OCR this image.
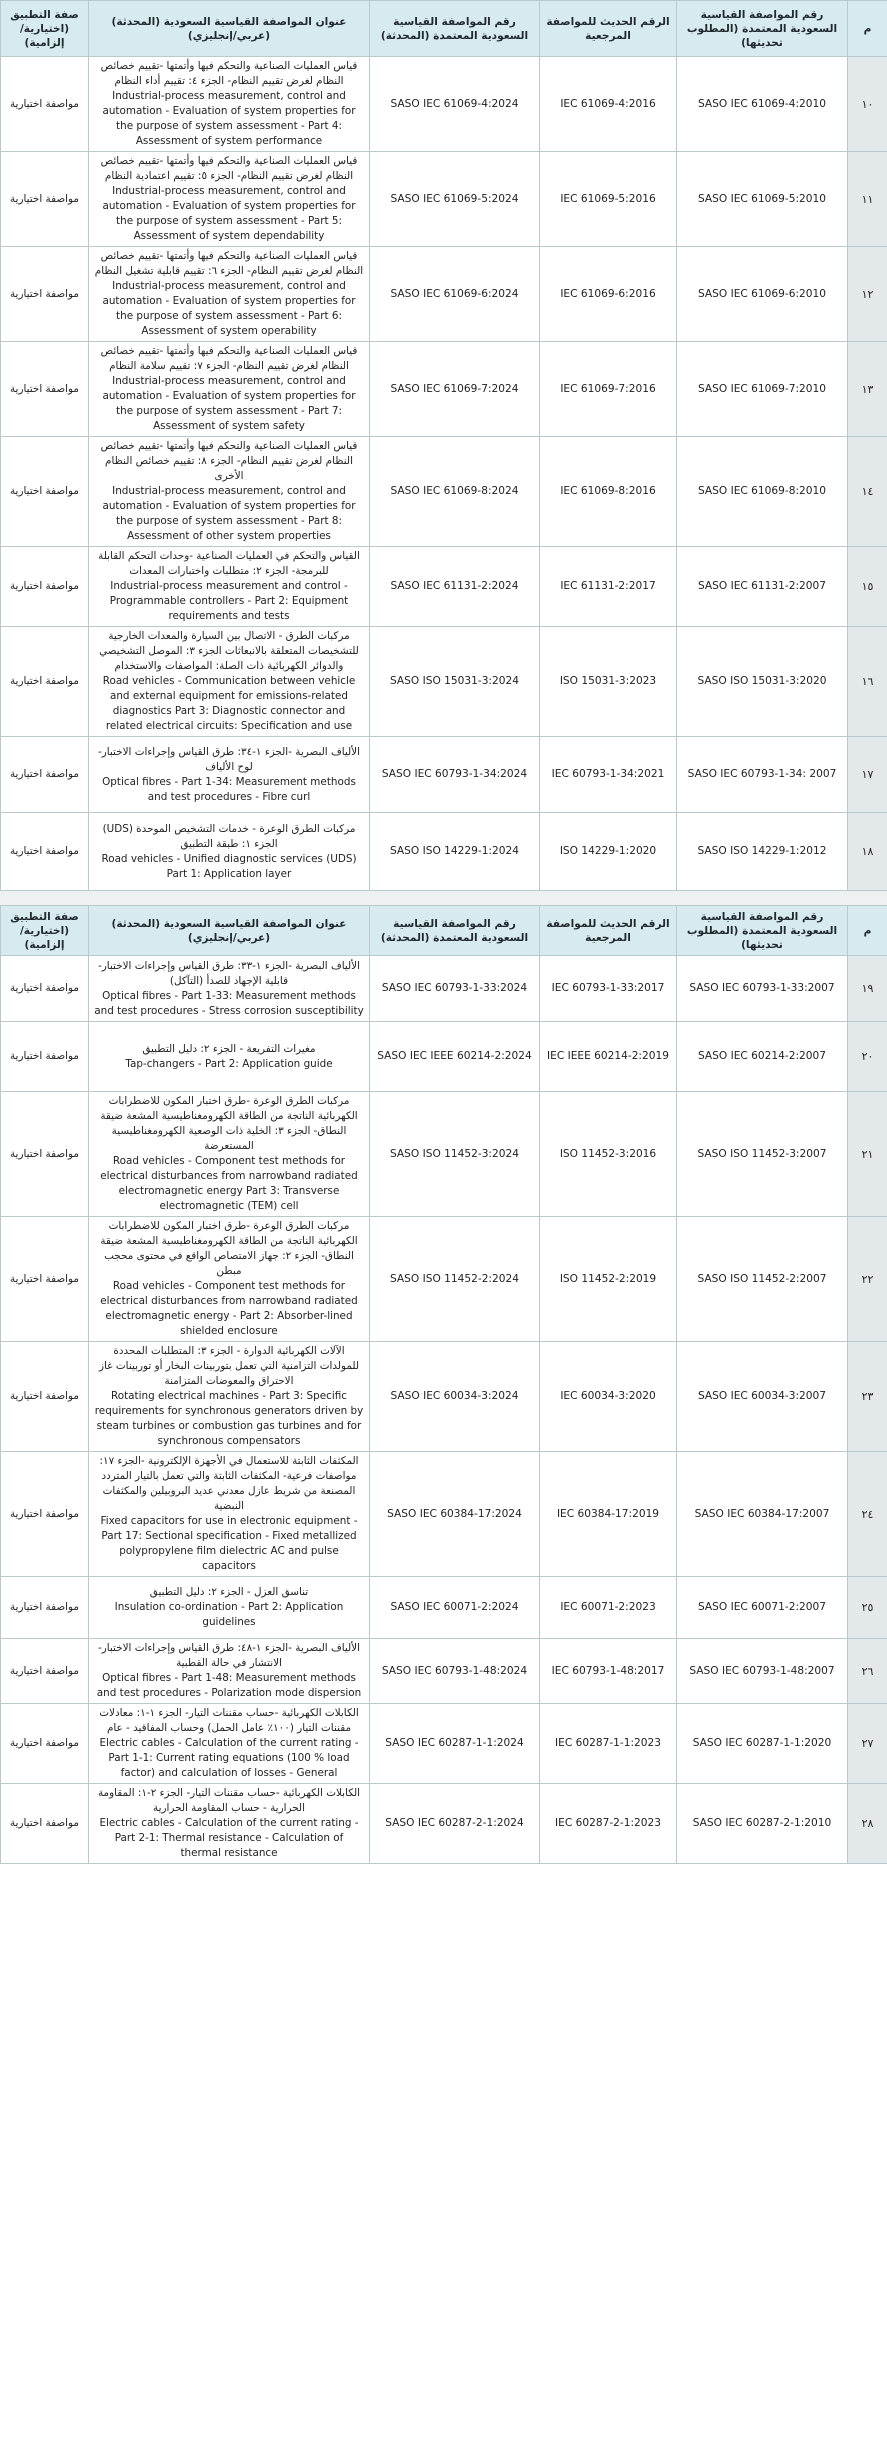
صفة التطبيق (اختيارية/إلزامية)	عنوان المواصفة القياسية السعودية (المحدثة) (عربي/إنجليزي)	رقم المواصفة القياسية السعودية المعتمدة (المحدثة)	الرقم الحديث للمواصفة المرجعية	رقم المواصفة القياسية السعودية المعتمدة (المطلوب تحديثها)	م
مواصفة اختيارية	قياس العمليات الصناعية والتحكم فيها وأتمتها -تقييم خصائص النظام لغرض تقييم النظام- الجزء ٤: تقييم أداء النظام
Industrial-process measurement, control and automation - Evaluation of system properties for the purpose of system assessment - Part 4: Assessment of system performance	SASO IEC 61069-4:2024	IEC 61069-4:2016	SASO IEC 61069-4:2010	١٠
مواصفة اختيارية	قياس العمليات الصناعية والتحكم فيها وأتمتها -تقييم خصائص النظام لغرض تقييم النظام- الجزء ٥: تقييم اعتمادية النظام
Industrial-process measurement, control and automation - Evaluation of system properties for the purpose of system assessment - Part 5: Assessment of system dependability	SASO IEC 61069-5:2024	IEC 61069-5:2016	SASO IEC 61069-5:2010	١١
مواصفة اختيارية	قياس العمليات الصناعية والتحكم فيها وأتمتها -تقييم خصائص النظام لغرض تقييم النظام- الجزء ٦: تقييم قابلية تشغيل النظام
Industrial-process measurement, control and automation - Evaluation of system properties for the purpose of system assessment - Part 6: Assessment of system operability	SASO IEC 61069-6:2024	IEC 61069-6:2016	SASO IEC 61069-6:2010	١٢
مواصفة اختيارية	قياس العمليات الصناعية والتحكم فيها وأتمتها -تقييم خصائص النظام لغرض تقييم النظام- الجزء ٧: تقييم سلامة النظام
Industrial-process measurement, control and automation - Evaluation of system properties for the purpose of system assessment - Part 7: Assessment of system safety	SASO IEC 61069-7:2024	IEC 61069-7:2016	SASO IEC 61069-7:2010	١٣
مواصفة اختيارية	قياس العمليات الصناعية والتحكم فيها وأتمتها -تقييم خصائص النظام لغرض تقييم النظام- الجزء ٨: تقييم خصائص النظام الأخرى
Industrial-process measurement, control and automation - Evaluation of system properties for the purpose of system assessment - Part 8: Assessment of other system properties	SASO IEC 61069-8:2024	IEC 61069-8:2016	SASO IEC 61069-8:2010	١٤
مواصفة اختيارية	القياس والتحكم في العمليات الصناعية -وحدات التحكم القابلة للبرمجة- الجزء ٢: متطلبات واختبارات المعدات
Industrial-process measurement and control - Programmable controllers - Part 2: Equipment requirements and tests	SASO IEC 61131-2:2024	IEC 61131-2:2017	SASO IEC 61131-2:2007	١٥
مواصفة اختيارية	مركبات الطرق - الاتصال بين السيارة والمعدات الخارجية للتشخيصات المتعلقة بالانبعاثات الجزء ٣: الموصل التشخيصي والدوائر الكهربائية ذات الصلة: المواصفات والاستخدام
Road vehicles - Communication between vehicle and external equipment for emissions-related diagnostics Part 3: Diagnostic connector and related electrical circuits: Specification and use	SASO ISO 15031-3:2024	ISO 15031-3:2023	SASO ISO 15031-3:2020	١٦
مواصفة اختيارية	الألياف البصرية -الجزء ١-٣٤: طرق القياس وإجراءات الاختبار- لوح الألياف
Optical fibres - Part 1-34: Measurement methods and test procedures - Fibre curl	SASO IEC 60793-1-34:2024	IEC 60793-1-34:2021	SASO IEC 60793-1-34: 2007	١٧
مواصفة اختيارية	مركبات الطرق الوعرة - خدمات التشخيص الموحدة (UDS) الجزء ١: طبقة التطبيق
Road vehicles - Unified diagnostic services (UDS) Part 1: Application layer	SASO ISO 14229-1:2024	ISO 14229-1:2020	SASO ISO 14229-1:2012	١٨
صفة التطبيق (اختيارية/إلزامية)	عنوان المواصفة القياسية السعودية (المحدثة) (عربي/إنجليزي)	رقم المواصفة القياسية السعودية المعتمدة (المحدثة)	الرقم الحديث للمواصفة المرجعية	رقم المواصفة القياسية السعودية المعتمدة (المطلوب تحديثها)	م
مواصفة اختيارية	الألياف البصرية -الجزء ١-٣٣: طرق القياس وإجراءات الاختبار- قابلية الإجهاد للصدأ (التآكل)
Optical fibres - Part 1-33: Measurement methods and test procedures - Stress corrosion susceptibility	SASO IEC 60793-1-33:2024	IEC 60793-1-33:2017	SASO IEC 60793-1-33:2007	١٩
مواصفة اختيارية	مغيرات التفريعة - الجزء ٢: دليل التطبيق
Tap-changers - Part 2: Application guide	SASO IEC IEEE 60214-2:2024	IEC IEEE 60214-2:2019	SASO IEC 60214-2:2007	٢٠
مواصفة اختيارية	مركبات الطرق الوعرة -طرق اختبار المكون للاضطرابات الكهربائية الناتجة من الطاقة الكهرومغناطيسية المشعة ضيقة النطاق- الجزء ٣: الخلية ذات الوصعية الكهرومغناطيسية المستعرضة
Road vehicles - Component test methods for electrical disturbances from narrowband radiated electromagnetic energy Part 3: Transverse electromagnetic (TEM) cell	SASO ISO 11452-3:2024	ISO 11452-3:2016	SASO ISO 11452-3:2007	٢١
مواصفة اختيارية	مركبات الطرق الوعرة -طرق اختبار المكون للاضطرابات الكهربائية الناتجة من الطاقة الكهرومغناطيسية المشعة ضيقة النطاق- الجزء ٢: جهاز الامتصاص الواقع في محتوى محجب مبطن
Road vehicles - Component test methods for electrical disturbances from narrowband radiated electromagnetic energy - Part 2: Absorber-lined shielded enclosure	SASO ISO 11452-2:2024	ISO 11452-2:2019	SASO ISO 11452-2:2007	٢٢
مواصفة اختيارية	الآلات الكهربائية الدوارة - الجزء ٣: المتطلبات المحددة للمولدات التزامنية التي تعمل بتوربينات البخار أو توربينات غاز الاحتراق والمعوضات المتزامنة
Rotating electrical machines - Part 3: Specific requirements for synchronous generators driven by steam turbines or combustion gas turbines and for synchronous compensators	SASO IEC 60034-3:2024	IEC 60034-3:2020	SASO IEC 60034-3:2007	٢٣
مواصفة اختيارية	المكثفات الثابتة للاستعمال في الأجهزة الإلكترونية -الجزء ١٧: مواصفات فرعية- المكثفات الثابتة والتي تعمل بالتيار المتردد المصنعة من شريط عازل معدني عديد البروبيلين والمكثفات النبضية
Fixed capacitors for use in electronic equipment - Part 17: Sectional specification - Fixed metallized polypropylene film dielectric AC and pulse capacitors	SASO IEC 60384-17:2024	IEC 60384-17:2019	SASO IEC 60384-17:2007	٢٤
مواصفة اختيارية	تناسق العزل - الجزء ٢: دليل التطبيق
Insulation co-ordination - Part 2: Application guidelines	SASO IEC 60071-2:2024	IEC 60071-2:2023	SASO IEC 60071-2:2007	٢٥
مواصفة اختيارية	الألياف البصرية -الجزء ١-٤٨: طرق القياس وإجراءات الاختبار- الانتشار في حالة القطبية
Optical fibres - Part 1-48: Measurement methods and test procedures - Polarization mode dispersion	SASO IEC 60793-1-48:2024	IEC 60793-1-48:2017	SASO IEC 60793-1-48:2007	٢٦
مواصفة اختيارية	الكابلات الكهربائية -حساب مقننات التيار- الجزء ١-١: معادلات مقننات التيار (١٠٠٪ عامل الحمل) وحساب المفاقيد - عام
Electric cables - Calculation of the current rating - Part 1-1: Current rating equations (100 % load factor) and calculation of losses - General	SASO IEC 60287-1-1:2024	IEC 60287-1-1:2023	SASO IEC 60287-1-1:2020	٢٧
مواصفة اختيارية	الكابلات الكهربائية -حساب مقننات التيار- الجزء ٢-١: المقاومة الحرارية - حساب المقاومة الحرارية
Electric cables - Calculation of the current rating - Part 2-1: Thermal resistance - Calculation of thermal resistance	SASO IEC 60287-2-1:2024	IEC 60287-2-1:2023	SASO IEC 60287-2-1:2010	٢٨
